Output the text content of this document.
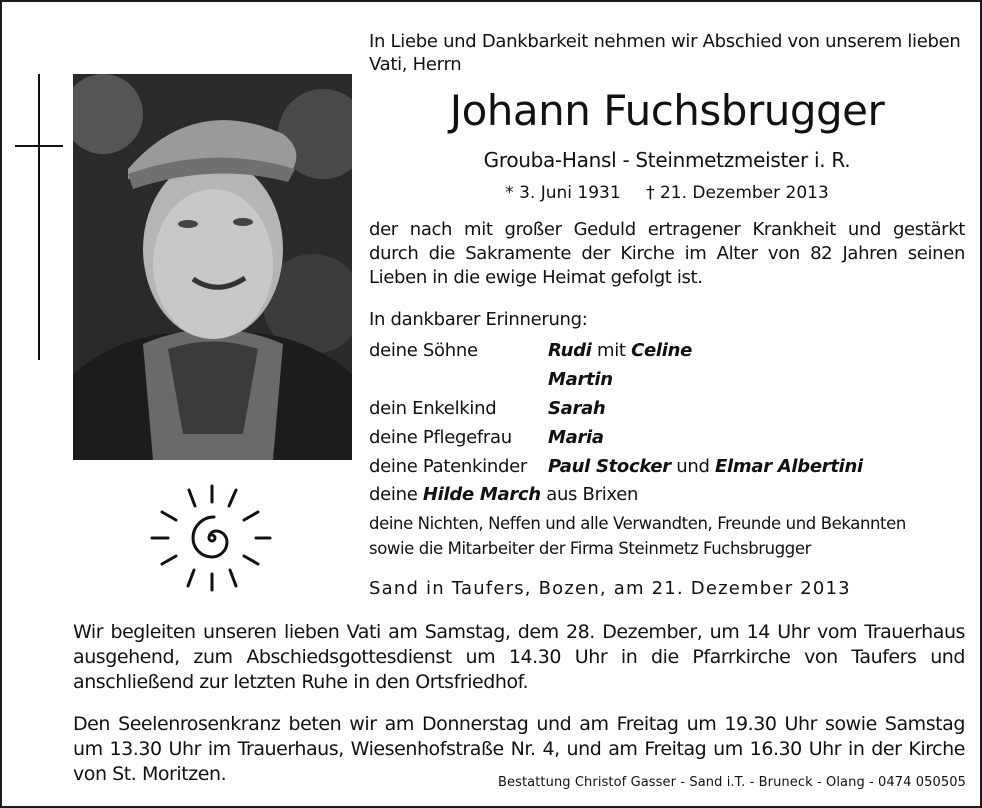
In Liebe und Dankbarkeit nehmen wir Abschied von unserem lieben Vati, Herrn
Johann Fuchsbrugger
Grouba-Hansl - Steinmetzmeister i. R.
* 3. Juni 1931 † 21. Dezember 2013
der nach mit großer Geduld ertragener Krankheit und gestärkt durch die Sakramente der Kirche im Alter von 82 Jahren seinen Lieben in die ewige Heimat gefolgt ist.
In dankbarer Erinnerung:
deine Söhne	Rudi mit Celine
Martin
dein Enkelkind	Sarah
deine Pflegefrau Maria
deine Patenkinder Paul Stocker und Elmar Albertini
deine Hilde March aus Brixen
deine Nichten, Neffen und alle Verwandten, Freunde und Bekannten
sowie die Mitarbeiter der Firma Steinmetz Fuchsbrugger
Sand in Taufers, Bozen, am 21. Dezember 2013
Wir begleiten unseren lieben Vati am Samstag, dem 28. Dezember, um 14 Uhr vom Trauerhaus ausgehend, zum Abschiedsgottesdienst um 14.30 Uhr in die Pfarrkirche von Taufers und anschließend zur letzten Ruhe in den Ortsfriedhof.
Den Seelenrosenkranz beten wir am Donnerstag und am Freitag um 19.30 Uhr sowie Samstag um 13.30 Uhr im Trauerhaus, Wiesenhofstraße Nr. 4, und am Freitag um 16.30 Uhr in der Kirche von St. Moritzen.	Bestattung Christof Gasser - Sand i.T. - Bruneck - Olang - 0474 050505
